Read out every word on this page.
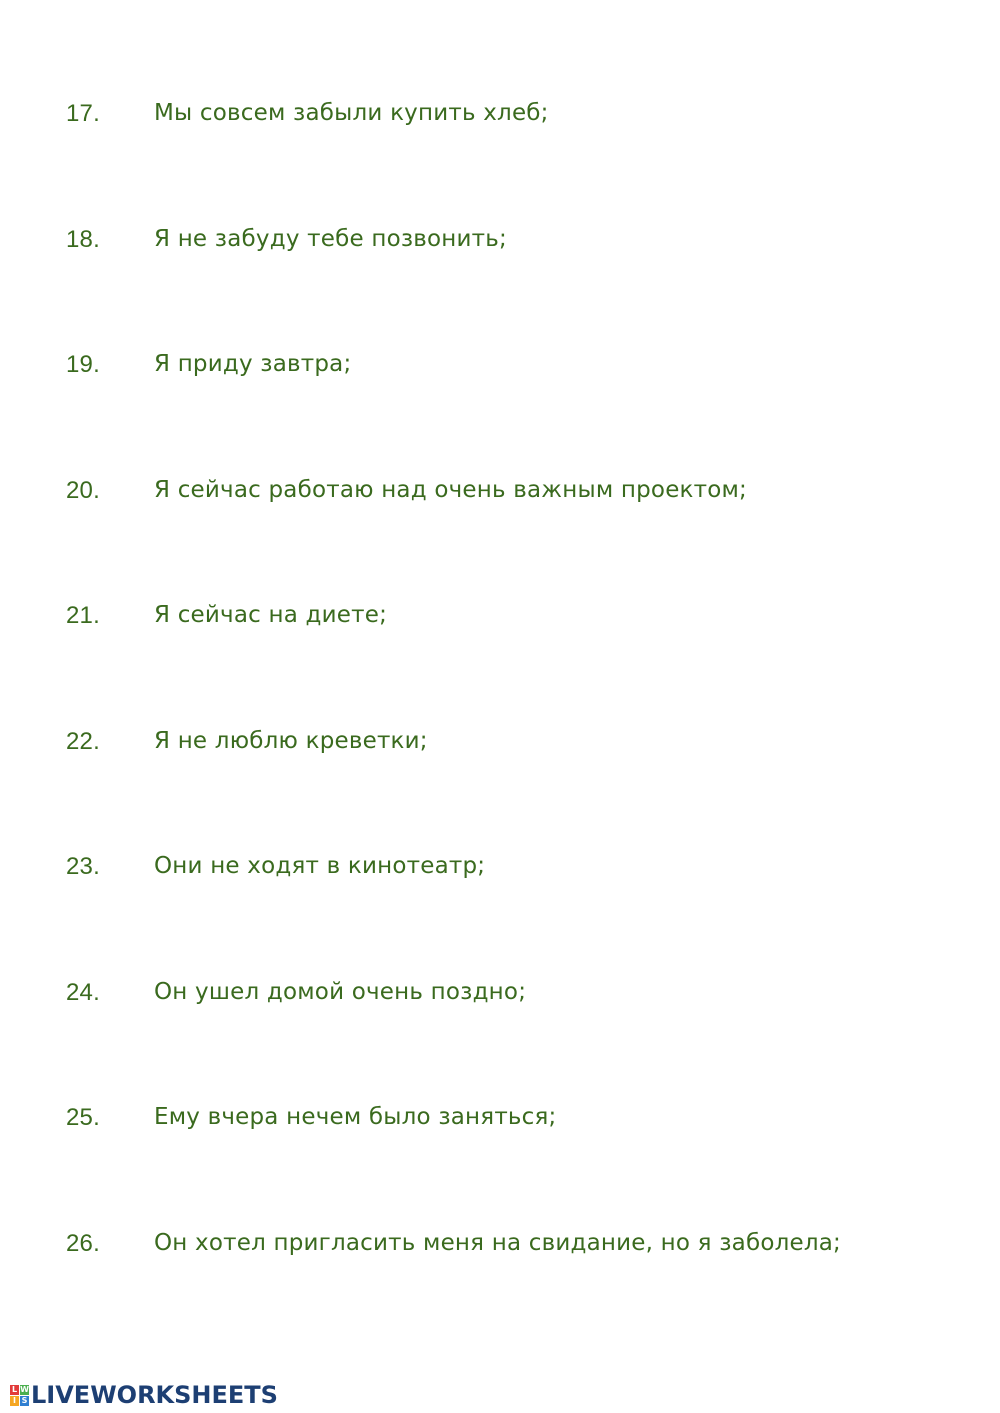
17. Мы совсем забыли купить хлеб;
18. Я не забуду тебе позвонить;
19. Я приду завтра;
20. Я сейчас работаю над очень важным проектом;
21. Я сейчас на диете;
22. Я не люблю креветки;
23. Они не ходят в кинотеатр;
24. Он ушел домой очень поздно;
25. Ему вчера нечем было заняться;
26. Он хотел пригласить меня на свидание, но я заболела;
L W
I S LIVEWORKSHEETS
